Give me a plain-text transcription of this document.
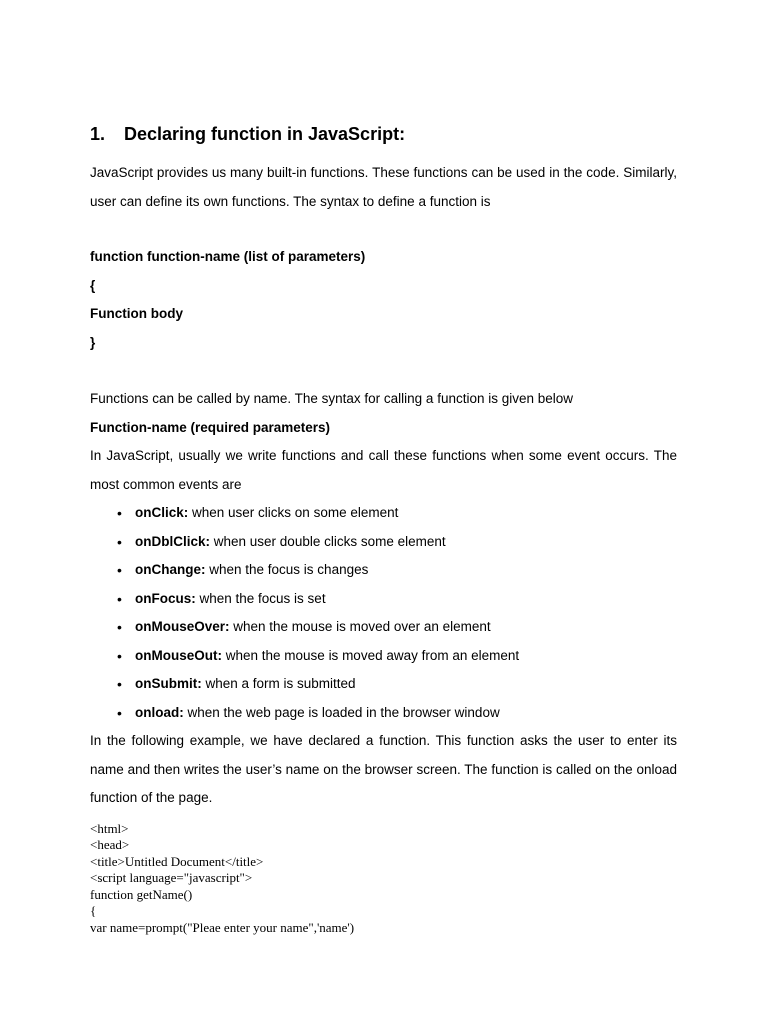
1.	Declaring function in JavaScript:

JavaScript provides us many built-in functions. These functions can be used in the code. Similarly, user can define its own functions. The syntax to define a function is

function function-name (list of parameters)

{

Function body

}

Functions can be called by name. The syntax for calling a function is given below

Function-name (required parameters)

In JavaScript, usually we write functions and call these functions when some event occurs. The most common events are

• onClick: when user clicks on some element
• onDblClick: when user double clicks some element
• onChange: when the focus is changes
• onFocus: when the focus is set
• onMouseOver: when the mouse is moved over an element
• onMouseOut: when the mouse is moved away from an element
• onSubmit: when a form is submitted
• onload: when the web page is loaded in the browser window

In the following example, we have declared a function. This function asks the user to enter its name and then writes the user’s name on the browser screen. The function is called on the onload function of the page.

<html>
<head>
<title>Untitled Document</title>
<script language="javascript">
function getName()
{
var name=prompt("Pleae enter your name",'name')
